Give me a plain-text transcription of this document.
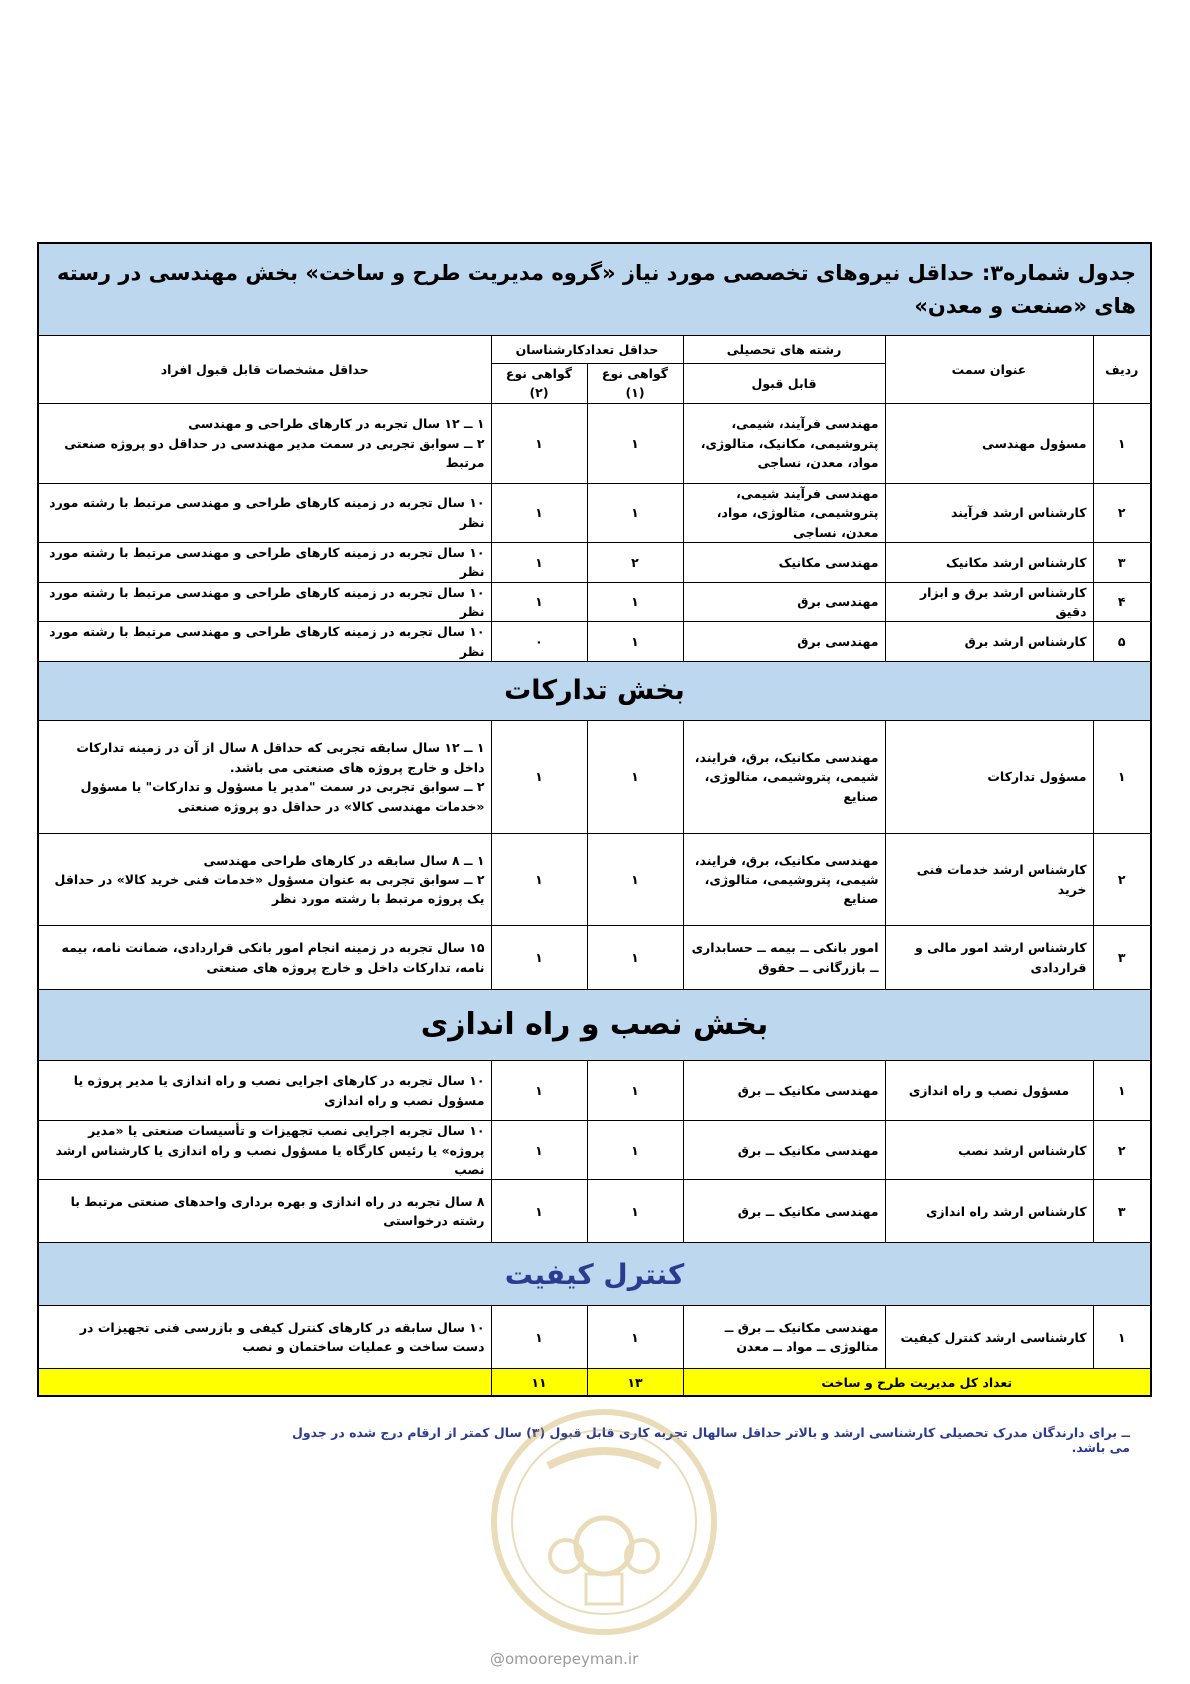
جدول شماره۳: حداقل نیروهای تخصصی مورد نیاز «گروه مدیریت طرح و ساخت» بخش مهندسی در رسته های «صنعت و معدن»					
ردیف	عنوان سمت	رشته های تحصیلی	حداقل تعدادکارشناسان		حداقل مشخصات قابل قبول افراد
		قابل قبول	گواهی نوع (۱)	گواهی نوع (۲)	
۱	مسؤول مهندسی	مهندسی فرآیند، شیمی، پتروشیمی، مکانیک، متالوژی، مواد، معدن، نساجی	۱	۱	۱ ــ ۱۲ سال تجربه در کارهای طراحی و مهندسی
۲ ــ سوابق تجربی در سمت مدیر مهندسی در حداقل دو پروژه صنعتی مرتبط
۲	کارشناس ارشد فرآیند	مهندسی فرآیند شیمی، پتروشیمی، متالوژی، مواد، معدن، نساجی	۱	۱	۱۰ سال تجربه در زمینه کارهای طراحی و مهندسی مرتبط با رشته مورد نظر
۳	کارشناس ارشد مکانیک	مهندسی مکانیک	۲	۱	۱۰ سال تجربه در زمینه کارهای طراحی و مهندسی مرتبط با رشته مورد نظر
۴	کارشناس ارشد برق و ابزار دقیق	مهندسی برق	۱	۱	۱۰ سال تجربه در زمینه کارهای طراحی و مهندسی مرتبط با رشته مورد نظر
۵	کارشناس ارشد برق	مهندسی برق	۱	۰	۱۰ سال تجربه در زمینه کارهای طراحی و مهندسی مرتبط با رشته مورد نظر
بخش تدارکات					
۱	مسؤول تدارکات	مهندسی مکانیک، برق، فرایند، شیمی، پتروشیمی، متالوژی، صنایع	۱	۱	۱ ــ ۱۲ سال سابقه تجربی که حداقل ۸ سال از آن در زمینه تدارکات داخل و خارج پروژه های صنعتی می باشد.
۲ ــ سوابق تجربی در سمت "مدیر یا مسؤول و تدارکات" یا مسؤول «خدمات مهندسی کالا» در حداقل دو پروژه صنعتی
۲	کارشناس ارشد خدمات فنی خرید	مهندسی مکانیک، برق، فرایند، شیمی، پتروشیمی، متالوژی، صنایع	۱	۱	۱ ــ ۸ سال سابقه در کارهای طراحی مهندسی
۲ ــ سوابق تجربی به عنوان مسؤول «خدمات فنی خرید کالا» در حداقل یک پروژه مرتبط با رشته مورد نظر
۳	کارشناس ارشد امور مالی و قراردادی	امور بانکی ــ بیمه ــ حسابداری ــ بازرگانی ــ حقوق	۱	۱	۱۵ سال تجربه در زمینه انجام امور بانکی قراردادی، ضمانت نامه، بیمه نامه، تدارکات داخل و خارج پروژه های صنعتی
بخش نصب و راه اندازی					
۱	مسؤول نصب و راه اندازی	مهندسی مکانیک ــ برق	۱	۱	۱۰ سال تجربه در کارهای اجرایی نصب و راه اندازی یا مدیر پروژه یا مسؤول نصب و راه اندازی
۲	کارشناس ارشد نصب	مهندسی مکانیک ــ برق	۱	۱	۱۰ سال تجربه اجرایی نصب تجهیزات و تأسیسات صنعتی یا «مدیر پروژه» یا رئیس کارگاه یا مسؤول نصب و راه اندازی یا کارشناس ارشد نصب
۳	کارشناس ارشد راه اندازی	مهندسی مکانیک ــ برق	۱	۱	۸ سال تجربه در راه اندازی و بهره برداری واحدهای صنعتی مرتبط با رشته درخواستی
کنترل کیفیت					
۱	کارشناسی ارشد کنترل کیفیت	مهندسی مکانیک ــ برق ــ متالوژی ــ مواد ــ معدن	۱	۱	۱۰ سال سابقه در کارهای کنترل کیفی و بازرسی فنی تجهیزات در دست ساخت و عملیات ساختمان و نصب
تعداد کل مدیریت طرح و ساخت			۱۳	۱۱	
ــ برای دارندگان مدرک تحصیلی کارشناسی ارشد و بالاتر حداقل سالهال تجربه کاری قابل قبول (۳) سال کمتر از ارقام درج شده در جدول می باشد.
@omoorepeyman.ir
